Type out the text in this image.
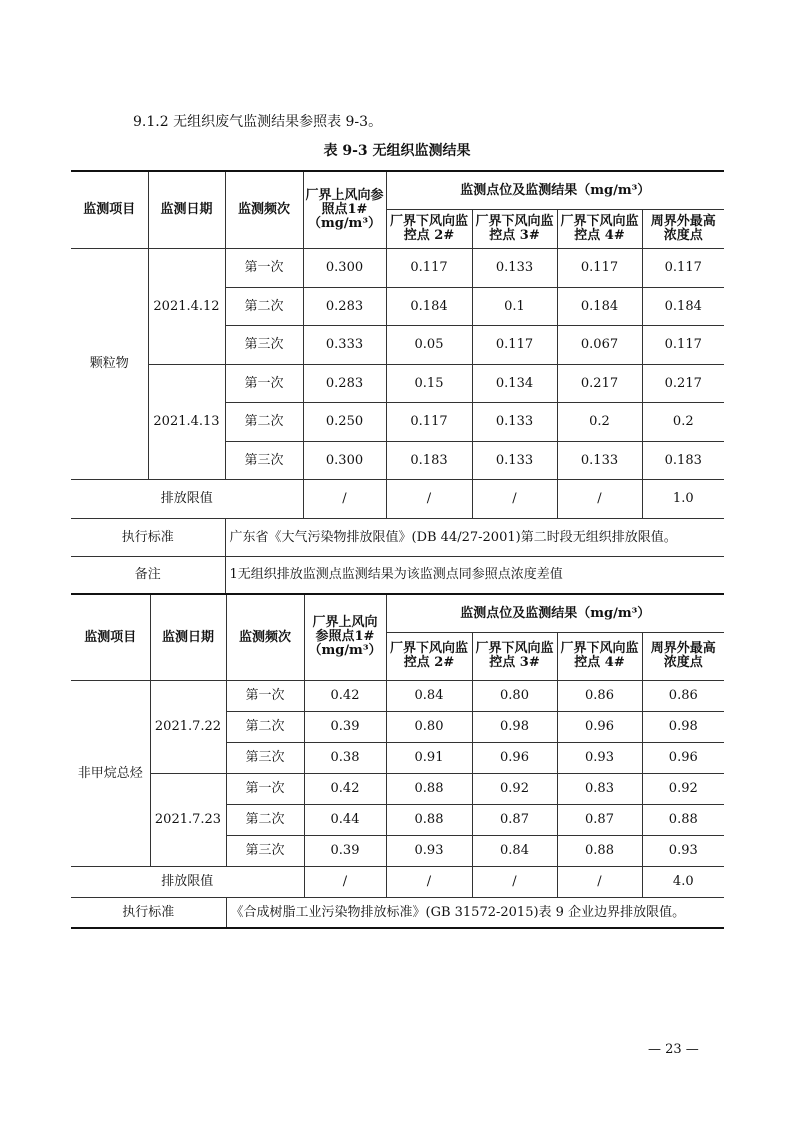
9.1.2 无组织废气监测结果参照表 9-3。
表 9-3 无组织监测结果
监测项目	监测日期	监测频次	厂界上风向参照点1#（mg/m³）	监测点位及监测结果（mg/m³）			
				厂界下风向监控点 2#	厂界下风向监控点 3#	厂界下风向监控点 4#	周界外最高浓度点
颗粒物	2021.4.12	第一次	0.300	0.117	0.133	0.117	0.117
		第二次	0.283	0.184	0.1	0.184	0.184
		第三次	0.333	0.05	0.117	0.067	0.117
	2021.4.13	第一次	0.283	0.15	0.134	0.217	0.217
		第二次	0.250	0.117	0.133	0.2	0.2
		第三次	0.300	0.183	0.133	0.133	0.183
排放限值			/	/	/	/	1.0
执行标准		广东省《大气污染物排放限值》(DB 44/27-2001)第二时段无组织排放限值。					
备注		1无组织排放监测点监测结果为该监测点同参照点浓度差值					
监测项目	监测日期	监测频次	厂界上风向参照点1#（mg/m³）	监测点位及监测结果（mg/m³）			
				厂界下风向监控点 2#	厂界下风向监控点 3#	厂界下风向监控点 4#	周界外最高浓度点
非甲烷总烃	2021.7.22	第一次	0.42	0.84	0.80	0.86	0.86
		第二次	0.39	0.80	0.98	0.96	0.98
		第三次	0.38	0.91	0.96	0.93	0.96
	2021.7.23	第一次	0.42	0.88	0.92	0.83	0.92
		第二次	0.44	0.88	0.87	0.87	0.88
		第三次	0.39	0.93	0.84	0.88	0.93
排放限值			/	/	/	/	4.0
执行标准		《合成树脂工业污染物排放标准》(GB 31572-2015)表 9 企业边界排放限值。					
— 23 —
